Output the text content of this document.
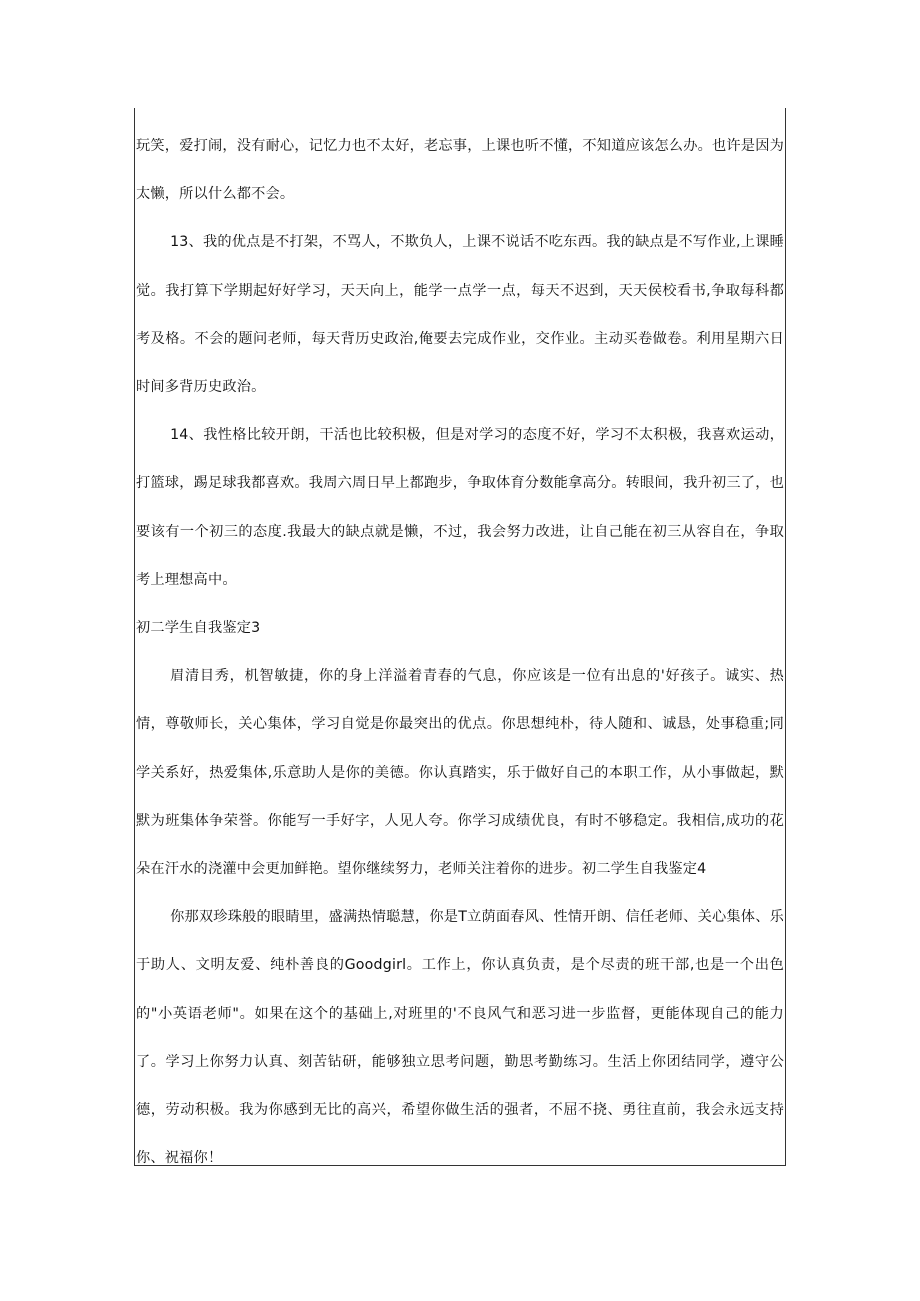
玩笑，爱打闹，没有耐心，记忆力也不太好，老忘事，上课也听不懂，不知道应该怎么办。也许是因为太懒，所以什么都不会。

13、我的优点是不打架，不骂人，不欺负人，上课不说话不吃东西。我的缺点是不写作业,上课睡觉。我打算下学期起好好学习，天天向上，能学一点学一点，每天不迟到，天天侯校看书,争取每科都考及格。不会的题问老师，每天背历史政治,俺要去完成作业，交作业。主动买卷做卷。利用星期六日时间多背历史政治。

14、我性格比较开朗，干活也比较积极，但是对学习的态度不好，学习不太积极，我喜欢运动，打篮球，踢足球我都喜欢。我周六周日早上都跑步，争取体育分数能拿高分。转眼间，我升初三了，也要该有一个初三的态度.我最大的缺点就是懒，不过，我会努力改进，让自己能在初三从容自在，争取考上理想高中。

初二学生自我鉴定3

眉清目秀，机智敏捷，你的身上洋溢着青春的气息，你应该是一位有出息的'好孩子。诚实、热情，尊敬师长，关心集体，学习自觉是你最突出的优点。你思想纯朴，待人随和、诚恳，处事稳重;同学关系好，热爱集体,乐意助人是你的美德。你认真踏实，乐于做好自己的本职工作，从小事做起，默默为班集体争荣誉。你能写一手好字，人见人夸。你学习成绩优良，有时不够稳定。我相信,成功的花朵在汗水的浇灌中会更加鲜艳。望你继续努力，老师关注着你的进步。初二学生自我鉴定4

你那双珍珠般的眼睛里，盛满热情聪慧，你是T立荫面春风、性情开朗、信任老师、关心集体、乐于助人、文明友爱、纯朴善良的Goodgirl。工作上，你认真负责，是个尽责的班干部,也是一个出色的"小英语老师"。如果在这个的基础上,对班里的'不良风气和恶习进一步监督，更能体现自己的能力了。学习上你努力认真、刻苦钻研，能够独立思考问题，勤思考勤练习。生活上你团结同学，遵守公德，劳动积极。我为你感到无比的高兴，希望你做生活的强者，不屈不挠、勇往直前，我会永远支持你、祝福你！
